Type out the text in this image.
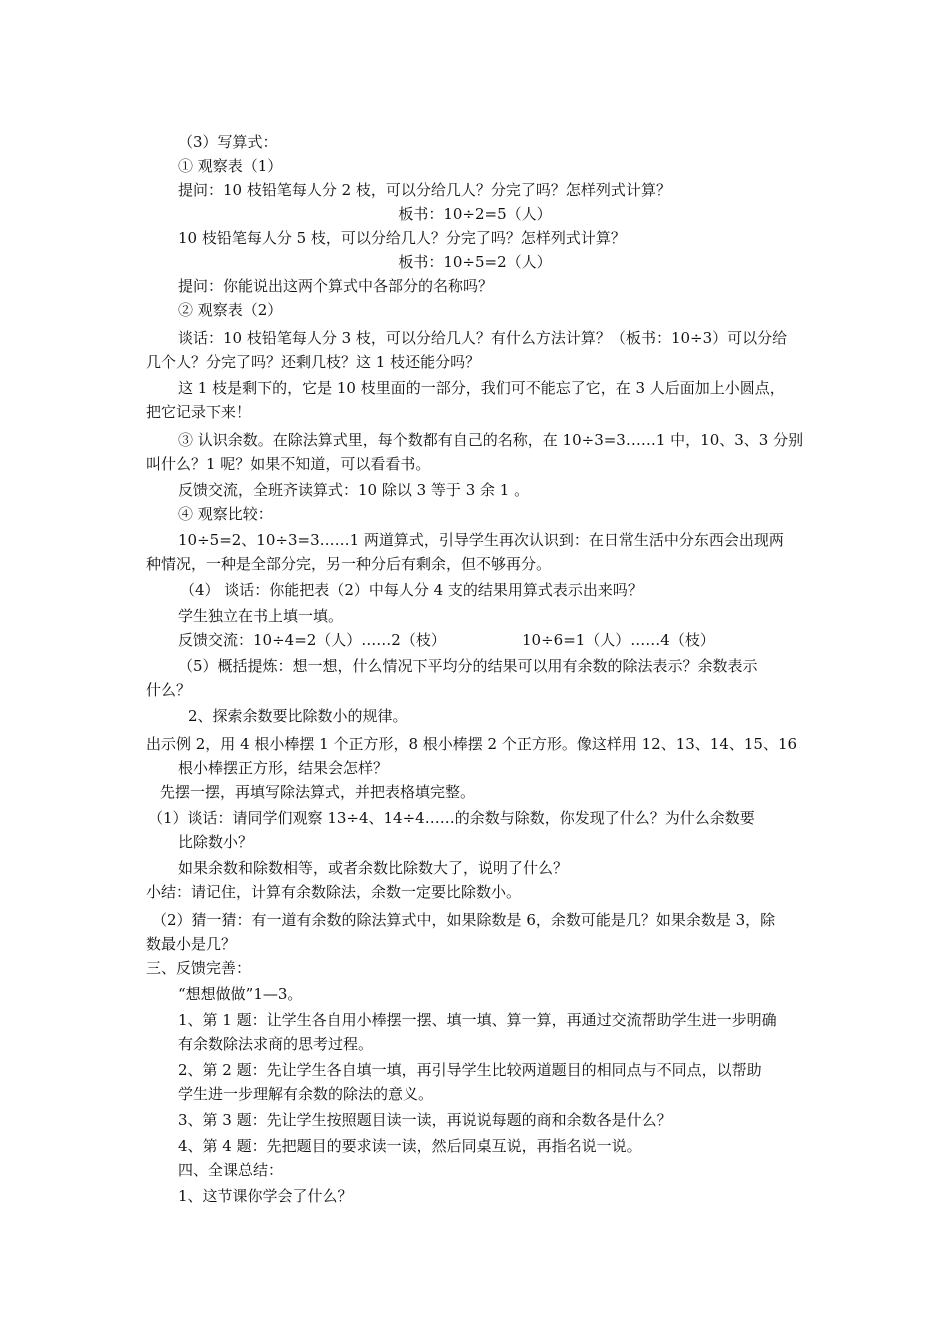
（3）写算式：
① 观察表（1）
提问：10 枝铅笔每人分 2 枝，可以分给几人？分完了吗？怎样列式计算？
板书：10÷2=5（人）
10 枝铅笔每人分 5 枝，可以分给几人？分完了吗？怎样列式计算？
板书：10÷5=2（人）
提问：你能说出这两个算式中各部分的名称吗？
② 观察表（2）
谈话：10 枝铅笔每人分 3 枝，可以分给几人？有什么方法计算？（板书：10÷3）可以分给
几个人？分完了吗？还剩几枝？这 1 枝还能分吗？
这 1 枝是剩下的，它是 10 枝里面的一部分，我们可不能忘了它，在 3 人后面加上小圆点，
把它记录下来！
③ 认识余数。在除法算式里，每个数都有自己的名称，在 10÷3=3……1 中，10、3、3 分别
叫什么？1 呢？如果不知道，可以看看书。
反馈交流，全班齐读算式：10 除以 3 等于 3 余 1 。
④ 观察比较：
10÷5=2、10÷3=3……1 两道算式，引导学生再次认识到：在日常生活中分东西会出现两
种情况，一种是全部分完，另一种分后有剩余，但不够再分。
（4） 谈话：你能把表（2）中每人分 4 支的结果用算式表示出来吗？
学生独立在书上填一填。
反馈交流：10÷4=2（人）……2（枝）	10÷6=1（人）……4（枝）
（5）概括提炼：想一想，什么情况下平均分的结果可以用有余数的除法表示？余数表示
什么？
2、探索余数要比除数小的规律。
出示例 2，用 4 根小棒摆 1 个正方形，8 根小棒摆 2 个正方形。像这样用 12、13、14、15、16
根小棒摆正方形，结果会怎样？
先摆一摆，再填写除法算式，并把表格填完整。
（1）谈话：请同学们观察 13÷4、14÷4……的余数与除数，你发现了什么？为什么余数要
比除数小？
如果余数和除数相等，或者余数比除数大了，说明了什么？
小结：请记住，计算有余数除法，余数一定要比除数小。
（2）猜一猜：有一道有余数的除法算式中，如果除数是 6，余数可能是几？如果余数是 3，除
数最小是几？
三、反馈完善：
“想想做做”1—3。
1、第 1 题：让学生各自用小棒摆一摆、填一填、算一算，再通过交流帮助学生进一步明确
有余数除法求商的思考过程。
2、第 2 题：先让学生各自填一填，再引导学生比较两道题目的相同点与不同点，以帮助
学生进一步理解有余数的除法的意义。
3、第 3 题：先让学生按照题目读一读，再说说每题的商和余数各是什么？
4、第 4 题：先把题目的要求读一读，然后同桌互说，再指名说一说。
四、全课总结：
1、这节课你学会了什么？
